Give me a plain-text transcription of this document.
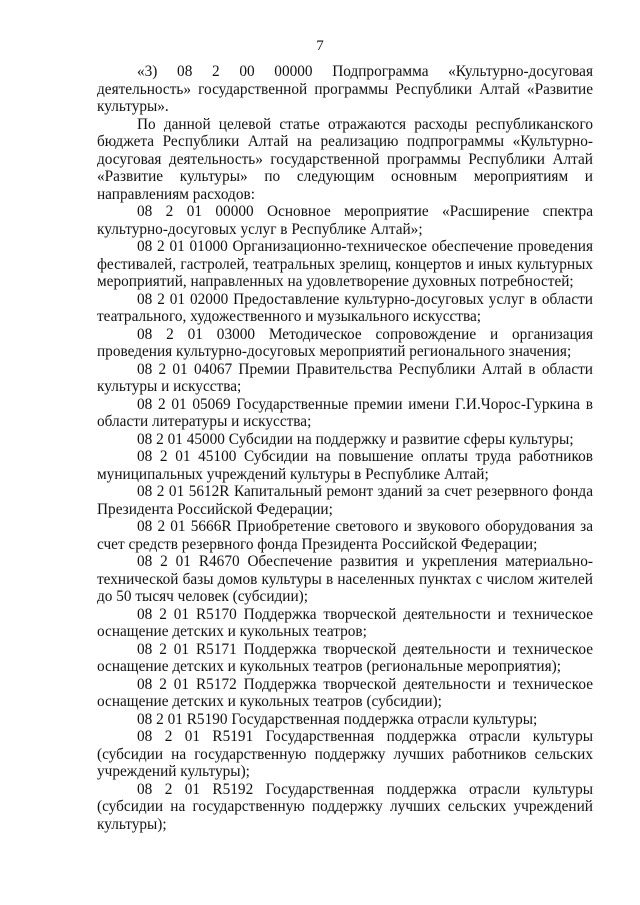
7

«3) 08 2 00 00000 Подпрограмма «Культурно-досуговая деятельность» государственной программы Республики Алтай «Развитие культуры».

По данной целевой статье отражаются расходы республиканского бюджета Республики Алтай на реализацию подпрограммы «Культурно-досуговая деятельность» государственной программы Республики Алтай «Развитие культуры» по следующим основным мероприятиям и направлениям расходов:

08 2 01 00000 Основное мероприятие «Расширение спектра культурно-досуговых услуг в Республике Алтай»;

08 2 01 01000 Организационно-техническое обеспечение проведения фестивалей, гастролей, театральных зрелищ, концертов и иных культурных мероприятий, направленных на удовлетворение духовных потребностей;

08 2 01 02000 Предоставление культурно-досуговых услуг в области театрального, художественного и музыкального искусства;

08 2 01 03000 Методическое сопровождение и организация проведения культурно-досуговых мероприятий регионального значения;

08 2 01 04067 Премии Правительства Республики Алтай в области культуры и искусства;

08 2 01 05069 Государственные премии имени Г.И.Чорос-Гуркина в области литературы и искусства;

08 2 01 45000 Субсидии на поддержку и развитие сферы культуры;

08 2 01 45100 Субсидии на повышение оплаты труда работников муниципальных учреждений культуры в Республике Алтай;

08 2 01 5612R Капитальный ремонт зданий за счет резервного фонда Президента Российской Федерации;

08 2 01 5666R Приобретение светового и звукового оборудования за счет средств резервного фонда Президента Российской Федерации;

08 2 01 R4670 Обеспечение развития и укрепления материально-технической базы домов культуры в населенных пунктах с числом жителей до 50 тысяч человек (субсидии);

08 2 01 R5170 Поддержка творческой деятельности и техническое оснащение детских и кукольных театров;

08 2 01 R5171 Поддержка творческой деятельности и техническое оснащение детских и кукольных театров (региональные мероприятия);

08 2 01 R5172 Поддержка творческой деятельности и техническое оснащение детских и кукольных театров (субсидии);

08 2 01 R5190 Государственная поддержка отрасли культуры;

08 2 01 R5191 Государственная поддержка отрасли культуры (субсидии на государственную поддержку лучших работников сельских учреждений культуры);

08 2 01 R5192 Государственная поддержка отрасли культуры (субсидии на государственную поддержку лучших сельских учреждений культуры);
